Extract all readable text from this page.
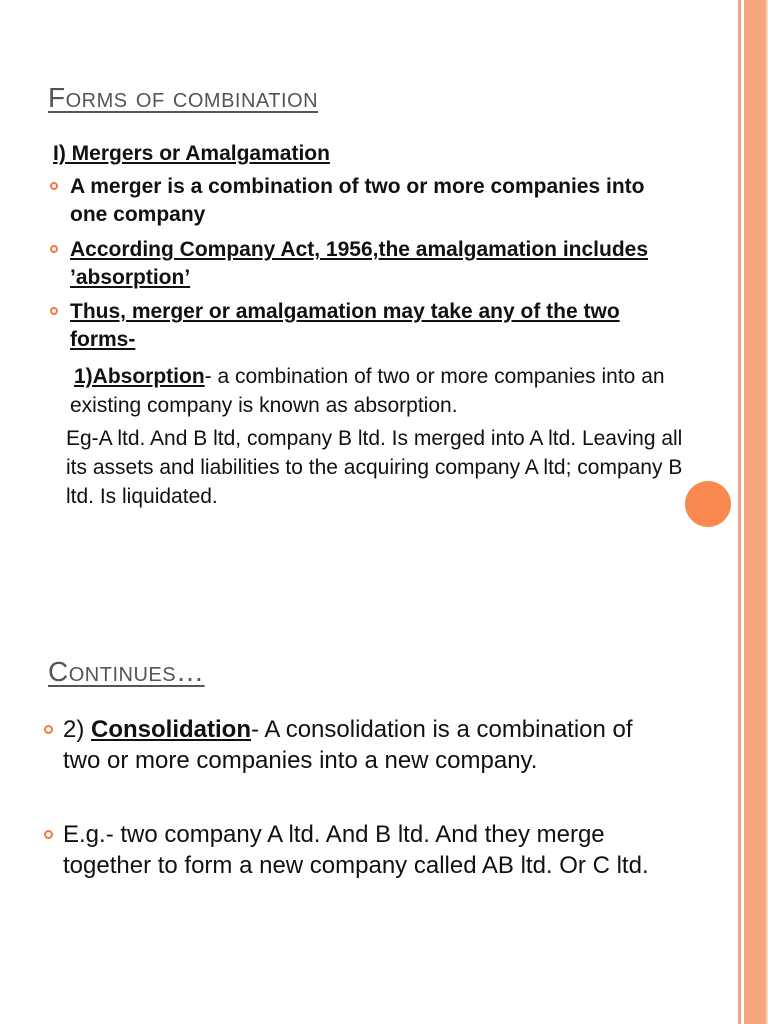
Forms of combination
I) Mergers or Amalgamation
A merger is a combination of two or more companies into one company
According Company Act, 1956,the amalgamation includes ’absorption’
Thus, merger or amalgamation may take any of the two forms-
1)Absorption- a combination of two or more companies into an existing company is known as absorption.
Eg-A ltd. And B ltd, company B ltd. Is merged into A ltd. Leaving all its assets and liabilities to the acquiring company A ltd; company B ltd. Is liquidated.
Continues…
2) Consolidation- A consolidation is a combination of two or more companies into a new company.
E.g.- two company A ltd. And B ltd. And they merge together to form a new company called AB ltd. Or C ltd.
